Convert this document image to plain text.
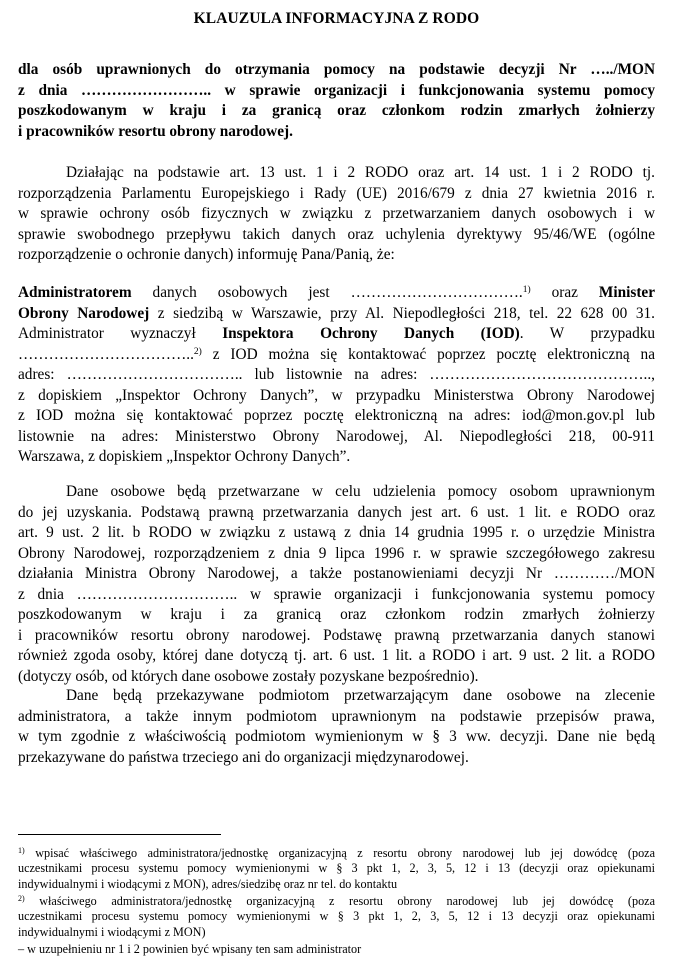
KLAUZULA INFORMACYJNA Z RODO

dla osób uprawnionych do otrzymania pomocy na podstawie decyzji Nr …../MON

z dnia …………………….. w sprawie organizacji i funkcjonowania systemu pomocy

poszkodowanym w kraju i za granicą oraz członkom rodzin zmarłych żołnierzy

i pracowników resortu obrony narodowej.

Działając na podstawie art. 13 ust. 1 i 2 RODO oraz art. 14 ust. 1 i 2 RODO tj.

rozporządzenia Parlamentu Europejskiego i Rady (UE) 2016/679 z dnia 27 kwietnia 2016 r.

w sprawie ochrony osób fizycznych w związku z przetwarzaniem danych osobowych i w

sprawie swobodnego przepływu takich danych oraz uchylenia dyrektywy 95/46/WE (ogólne

rozporządzenie o ochronie danych) informuję Pana/Panią, że:

Administratorem danych osobowych jest …………………………….$^{1)}$ oraz Minister

Obrony Narodowej z siedzibą w Warszawie, przy Al. Niepodległości 218, tel. 22 628 00 31.

Administrator wyznaczył Inspektora Ochrony Danych (IOD). W przypadku

……………………………..$^{2)}$ z IOD można się kontaktować poprzez pocztę elektroniczną na

adres: …………………………….. lub listownie na adres: ……………………………………..,

z dopiskiem „Inspektor Ochrony Danych”, w przypadku Ministerstwa Obrony Narodowej

z IOD można się kontaktować poprzez pocztę elektroniczną na adres: iod@mon.gov.pl lub

listownie na adres: Ministerstwo Obrony Narodowej, Al. Niepodległości 218, 00-911

Warszawa, z dopiskiem „Inspektor Ochrony Danych”.

Dane osobowe będą przetwarzane w celu udzielenia pomocy osobom uprawnionym

do jej uzyskania. Podstawą prawną przetwarzania danych jest art. 6 ust. 1 lit. e RODO oraz

art. 9 ust. 2 lit. b RODO w związku z ustawą z dnia 14 grudnia 1995 r. o urzędzie Ministra

Obrony Narodowej, rozporządzeniem z dnia 9 lipca 1996 r. w sprawie szczegółowego zakresu

działania Ministra Obrony Narodowej, a także postanowieniami decyzji Nr …………/MON

z dnia ………………………….. w sprawie organizacji i funkcjonowania systemu pomocy

poszkodowanym w kraju i za granicą oraz członkom rodzin zmarłych żołnierzy

i pracowników resortu obrony narodowej. Podstawę prawną przetwarzania danych stanowi

również zgoda osoby, której dane dotyczą tj. art. 6 ust. 1 lit. a RODO i art. 9 ust. 2 lit. a RODO

(dotyczy osób, od których dane osobowe zostały pozyskane bezpośrednio).

Dane będą przekazywane podmiotom przetwarzającym dane osobowe na zlecenie

administratora, a także innym podmiotom uprawnionym na podstawie przepisów prawa,

w tym zgodnie z właściwością podmiotom wymienionym w § 3 ww. decyzji. Dane nie będą

przekazywane do państwa trzeciego ani do organizacji międzynarodowej.

$^{1)}$ wpisać właściwego administratora/jednostkę organizacyjną z resortu obrony narodowej lub jej dowódcę (poza

uczestnikami procesu systemu pomocy wymienionymi w § 3 pkt 1, 2, 3, 5, 12 i 13 (decyzji oraz opiekunami

indywidualnymi i wiodącymi z MON), adres/siedzibę oraz nr tel. do kontaktu

$^{2)}$ właściwego administratora/jednostkę organizacyjną z resortu obrony narodowej lub jej dowódcę (poza

uczestnikami procesu systemu pomocy wymienionymi w § 3 pkt 1, 2, 3, 5, 12 i 13 decyzji oraz opiekunami

indywidualnymi i wiodącymi z MON)

– w uzupełnieniu nr 1 i 2 powinien być wpisany ten sam administrator
